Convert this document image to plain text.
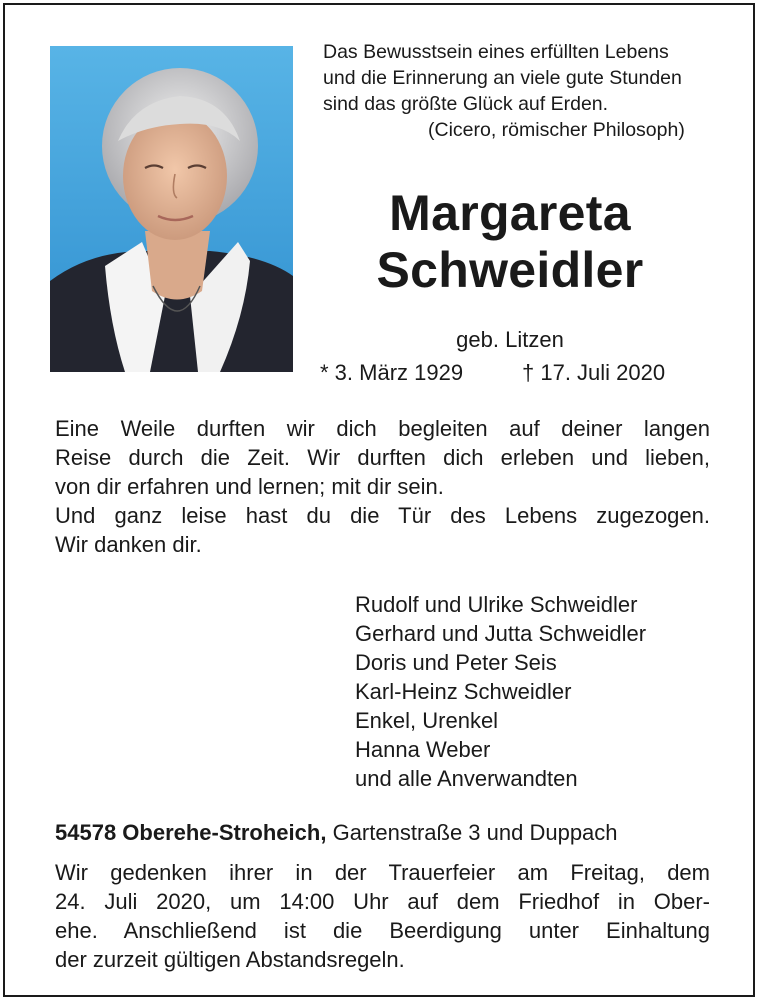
Das Bewusstsein eines erfüllten Lebens
und die Erinnerung an viele gute Stunden
sind das größte Glück auf Erden.
(Cicero, römischer Philosoph)
Margareta
Schweidler
geb. Litzen
* 3. März 1929	† 17. Juli 2020
Eine Weile durften wir dich begleiten auf deiner langen
Reise durch die Zeit. Wir durften dich erleben und lieben,
von dir erfahren und lernen; mit dir sein.
Und ganz leise hast du die Tür des Lebens zugezogen.
Wir danken dir.
Rudolf und Ulrike Schweidler
Gerhard und Jutta Schweidler
Doris und Peter Seis
Karl-Heinz Schweidler
Enkel, Urenkel
Hanna Weber
und alle Anverwandten
54578 Oberehe-Stroheich, Gartenstraße 3 und Duppach
Wir gedenken ihrer in der Trauerfeier am Freitag, dem
24. Juli 2020, um 14:00 Uhr auf dem Friedhof in Ober-
ehe. Anschließend ist die Beerdigung unter Einhaltung
der zurzeit gültigen Abstandsregeln.
